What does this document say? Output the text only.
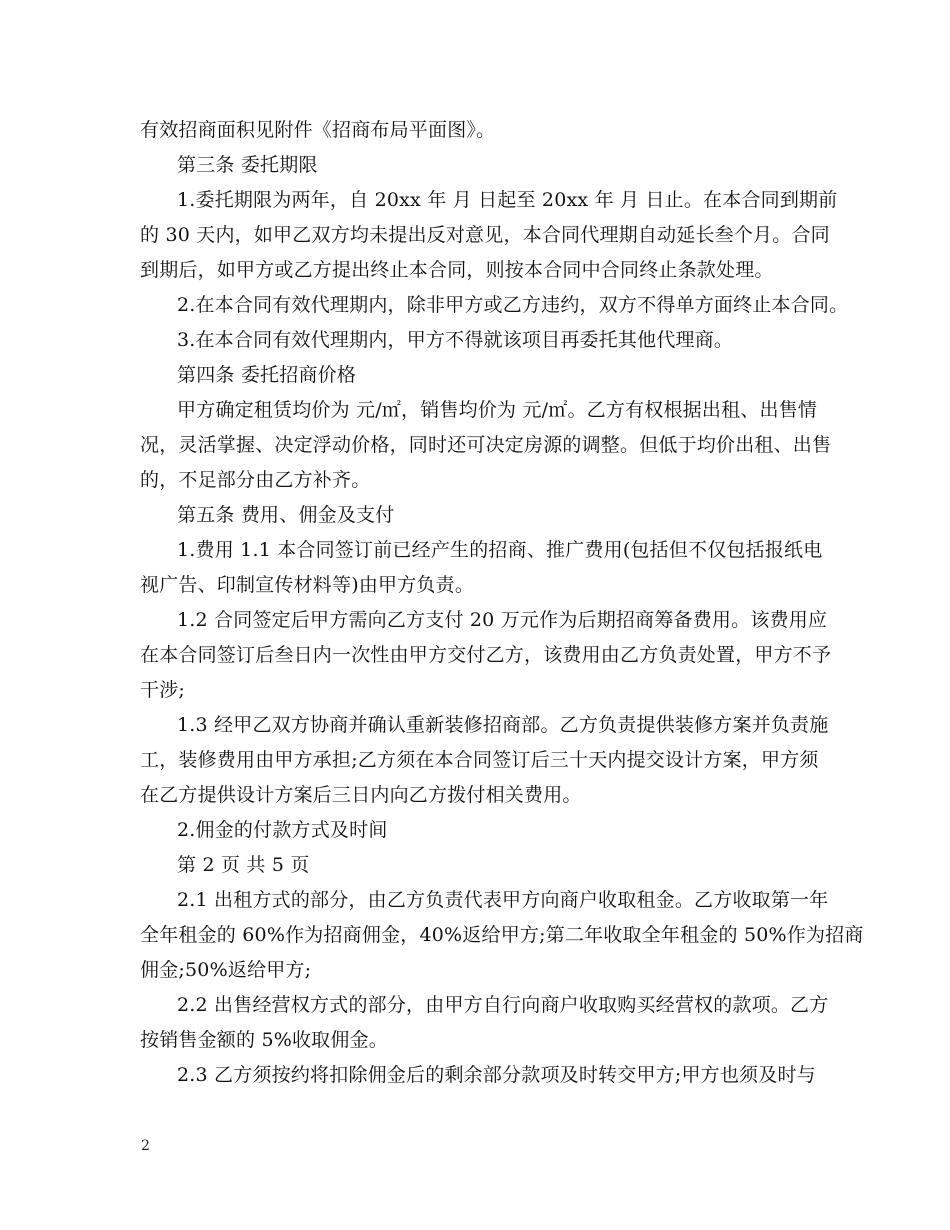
有效招商面积见附件《招商布局平面图》。
第三条 委托期限
1.委托期限为两年，自 20xx 年 月 日起至 20xx 年 月 日止。在本合同到期前
的 30 天内，如甲乙双方均未提出反对意见，本合同代理期自动延长叁个月。合同
到期后，如甲方或乙方提出终止本合同，则按本合同中合同终止条款处理。
2.在本合同有效代理期内，除非甲方或乙方违约，双方不得单方面终止本合同。
3.在本合同有效代理期内，甲方不得就该项目再委托其他代理商。
第四条 委托招商价格
甲方确定租赁均价为 元/㎡，销售均价为 元/㎡。乙方有权根据出租、出售情
况，灵活掌握、决定浮动价格，同时还可决定房源的调整。但低于均价出租、出售
的，不足部分由乙方补齐。
第五条 费用、佣金及支付
1.费用 1.1 本合同签订前已经产生的招商、推广费用(包括但不仅包括报纸电
视广告、印制宣传材料等)由甲方负责。
1.2 合同签定后甲方需向乙方支付 20 万元作为后期招商筹备费用。该费用应
在本合同签订后叁日内一次性由甲方交付乙方，该费用由乙方负责处置，甲方不予
干涉;
1.3 经甲乙双方协商并确认重新装修招商部。乙方负责提供装修方案并负责施
工，装修费用由甲方承担;乙方须在本合同签订后三十天内提交设计方案，甲方须
在乙方提供设计方案后三日内向乙方拨付相关费用。
2.佣金的付款方式及时间
第 2 页 共 5 页
2.1 出租方式的部分，由乙方负责代表甲方向商户收取租金。乙方收取第一年
全年租金的 60%作为招商佣金，40%返给甲方;第二年收取全年租金的 50%作为招商
佣金;50%返给甲方;
2.2 出售经营权方式的部分，由甲方自行向商户收取购买经营权的款项。乙方
按销售金额的 5%收取佣金。
2.3 乙方须按约将扣除佣金后的剩余部分款项及时转交甲方;甲方也须及时与
2
